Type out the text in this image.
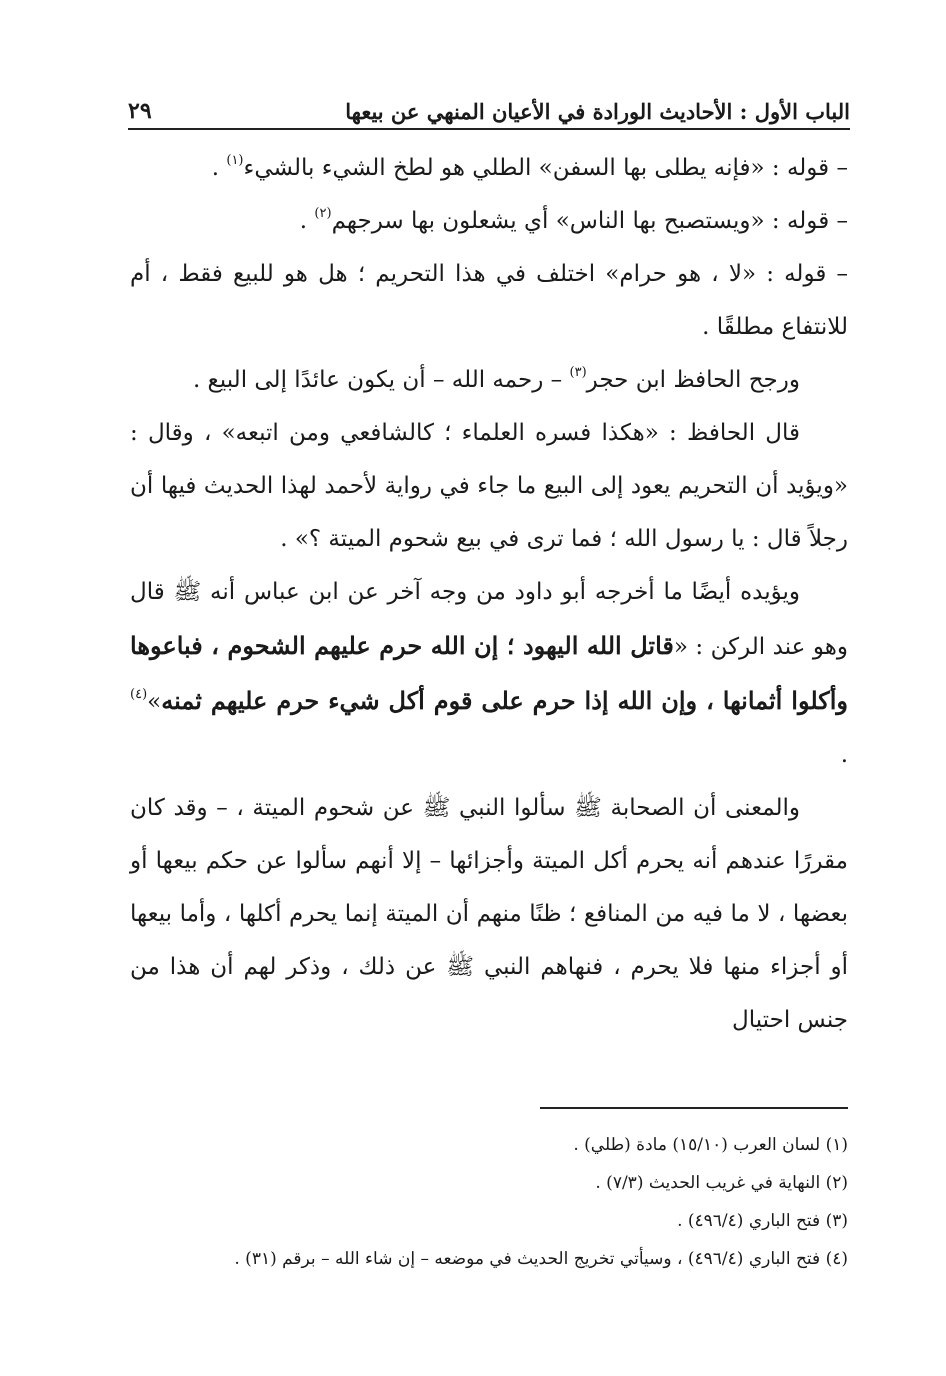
الباب الأول : الأحاديث الورادة في الأعيان المنهي عن بيعها
٢٩

– قوله : «فإنه يطلى بها السفن» الطلي هو لطخ الشيء بالشيء$^{(١)}$ .

– قوله : «ويستصبح بها الناس» أي يشعلون بها سرجهم$^{(٢)}$ .

– قوله : «لا ، هو حرام» اختلف في هذا التحريم ؛ هل هو للبيع فقط ، أم للانتفاع مطلقًا .

ورجح الحافظ ابن حجر$^{(٣)}$ – رحمه الله – أن يكون عائدًا إلى البيع .

قال الحافظ : «هكذا فسره العلماء ؛ كالشافعي ومن اتبعه» ، وقال : «ويؤيد أن التحريم يعود إلى البيع ما جاء في رواية لأحمد لهذا الحديث فيها أن رجلاً قال : يا رسول الله ؛ فما ترى في بيع شحوم الميتة ؟» .

ويؤيده أيضًا ما أخرجه أبو داود من وجه آخر عن ابن عباس أنه ﷺ قال وهو عند الركن : «قاتل الله اليهود ؛ إن الله حرم عليهم الشحوم ، فباعوها وأكلوا أثمانها ، وإن الله إذا حرم على قوم أكل شيء حرم عليهم ثمنه»$^{(٤)}$ .

والمعنى أن الصحابة ﷺ سألوا النبي ﷺ عن شحوم الميتة ، – وقد كان مقررًا عندهم أنه يحرم أكل الميتة وأجزائها – إلا أنهم سألوا عن حكم بيعها أو بعضها ، لا ما فيه من المنافع ؛ ظنًا منهم أن الميتة إنما يحرم أكلها ، وأما بيعها أو أجزاء منها فلا يحرم ، فنهاهم النبي ﷺ عن ذلك ، وذكر لهم أن هذا من جنس احتيال

(١) لسان العرب (١٥/١٠) مادة (طلي) .

(٢) النهاية في غريب الحديث (٧/٣) .

(٣) فتح الباري (٤٩٦/٤) .

(٤) فتح الباري (٤٩٦/٤) ، وسيأتي تخريج الحديث في موضعه – إن شاء الله – برقم (٣١) .
